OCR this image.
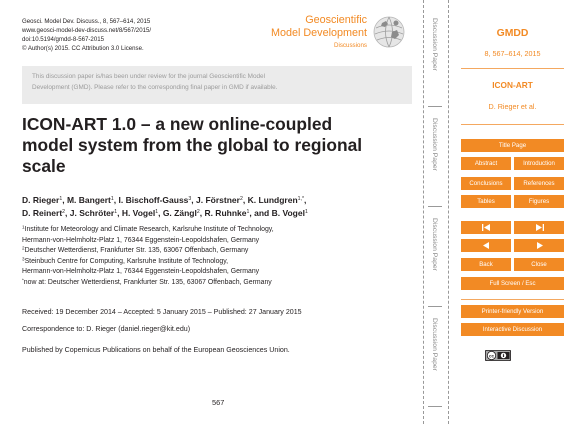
Geosci. Model Dev. Discuss., 8, 567–614, 2015
www.geosci-model-dev-discuss.net/8/567/2015/
doi:10.5194/gmdd-8-567-2015
© Author(s) 2015. CC Attribution 3.0 License.
Geoscientific
Model Development
Discussions
This discussion paper is/has been under review for the journal Geoscientific Model
Development (GMD). Please refer to the corresponding final paper in GMD if available.
ICON-ART 1.0 – a new online-coupled
model system from the global to regional
scale
D. Rieger$^1$, M. Bangert$^1$, I. Bischoff-Gauss$^3$, J. Förstner$^2$, K. Lundgren$^{1,*}$,
D. Reinert$^2$, J. Schröter$^1$, H. Vogel$^1$, G. Zängl$^2$, R. Ruhnke$^1$, and B. Vogel$^1$
$^1$Institute for Meteorology and Climate Research, Karlsruhe Institute of Technology,
Hermann-von-Helmholtz-Platz 1, 76344 Eggenstein-Leopoldshafen, Germany
$^2$Deutscher Wetterdienst, Frankfurter Str. 135, 63067 Offenbach, Germany
$^3$Steinbuch Centre for Computing, Karlsruhe Institute of Technology,
Hermann-von-Helmholtz-Platz 1, 76344 Eggenstein-Leopoldshafen, Germany
*now at: Deutscher Wetterdienst, Frankfurter Str. 135, 63067 Offenbach, Germany
Received: 19 December 2014 – Accepted: 5 January 2015 – Published: 27 January 2015
Correspondence to: D. Rieger (daniel.rieger@kit.edu)
Published by Copernicus Publications on behalf of the European Geosciences Union.
567
Discussion Paper
Discussion Paper
Discussion Paper
Discussion Paper
GMDD
8, 567–614, 2015
ICON-ART
D. Rieger et al.
Title Page
Abstract	Introduction
Conclusions	References
Tables	Figures
Back	Close
Full Screen / Esc
Printer-friendly Version
Interactive Discussion
cc
